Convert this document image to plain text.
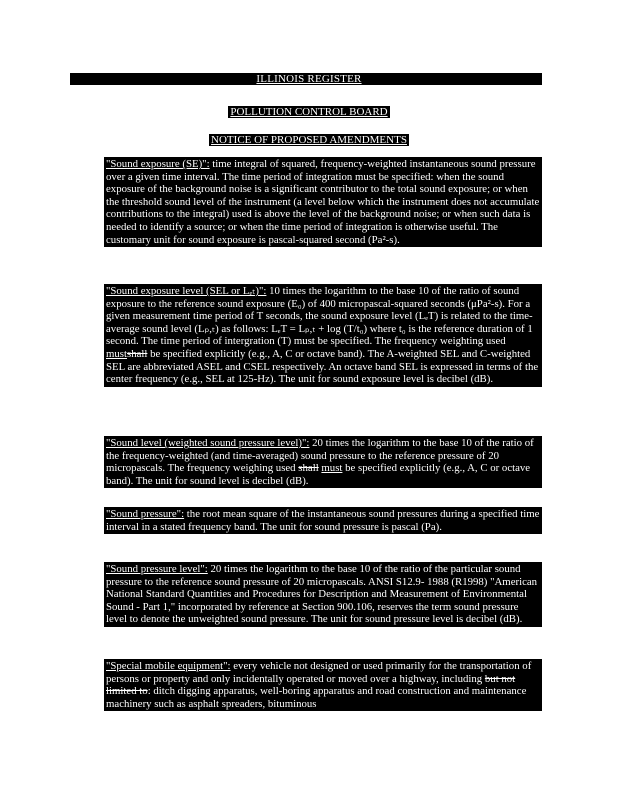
ILLINOIS REGISTER
POLLUTION CONTROL BOARD
NOTICE OF PROPOSED AMENDMENTS
"Sound exposure (SE)": time integral of squared, frequency-weighted instantaneous sound pressure over a given time interval. The time period of integration must be specified: when the sound exposure of the background noise is a significant contributor to the total sound exposure; or when the threshold sound level of the instrument (a level below which the instrument does not accumulate contributions to the integral) used is above the level of the background noise; or when such data is needed to identify a source; or when the time period of integration is otherwise useful. The customary unit for sound exposure is pascal-squared second (Pa²-s).
"Sound exposure level (SEL or Lₑₜ)": 10 times the logarithm to the base 10 of the ratio of sound exposure to the reference sound exposure (E₀) of 400 micropascal-squared seconds (μPa²-s). For a given measurement time period of T seconds, the sound exposure level (LₑT) is related to the time-average sound level (Lₚ,ₜ) as follows: LₑT = Lₚ,ₜ + log (T/t₀) where t₀ is the reference duration of 1 second. The time period of intergration (T) must be specified. The frequency weighting used mustshall be specified explicitly (e.g., A, C or octave band). The A-weighted SEL and C-weighted SEL are abbreviated ASEL and CSEL respectively. An octave band SEL is expressed in terms of the center frequency (e.g., SEL at 125-Hz). The unit for sound exposure level is decibel (dB).
"Sound level (weighted sound pressure level)": 20 times the logarithm to the base 10 of the ratio of the frequency-weighted (and time-averaged) sound pressure to the reference pressure of 20 micropascals. The frequency weighing used shall must be specified explicitly (e.g., A, C or octave band). The unit for sound level is decibel (dB).
"Sound pressure": the root mean square of the instantaneous sound pressures during a specified time interval in a stated frequency band. The unit for sound pressure is pascal (Pa).
"Sound pressure level": 20 times the logarithm to the base 10 of the ratio of the particular sound pressure to the reference sound pressure of 20 micropascals. ANSI S12.9- 1988 (R1998) "American National Standard Quantities and Procedures for Description and Measurement of Environmental Sound - Part 1," incorporated by reference at Section 900.106, reserves the term sound pressure level to denote the unweighted sound pressure. The unit for sound pressure level is decibel (dB).
"Special mobile equipment": every vehicle not designed or used primarily for the transportation of persons or property and only incidentally operated or moved over a highway, including but not limited to: ditch digging apparatus, well-boring apparatus and road construction and maintenance machinery such as asphalt spreaders, bituminous
